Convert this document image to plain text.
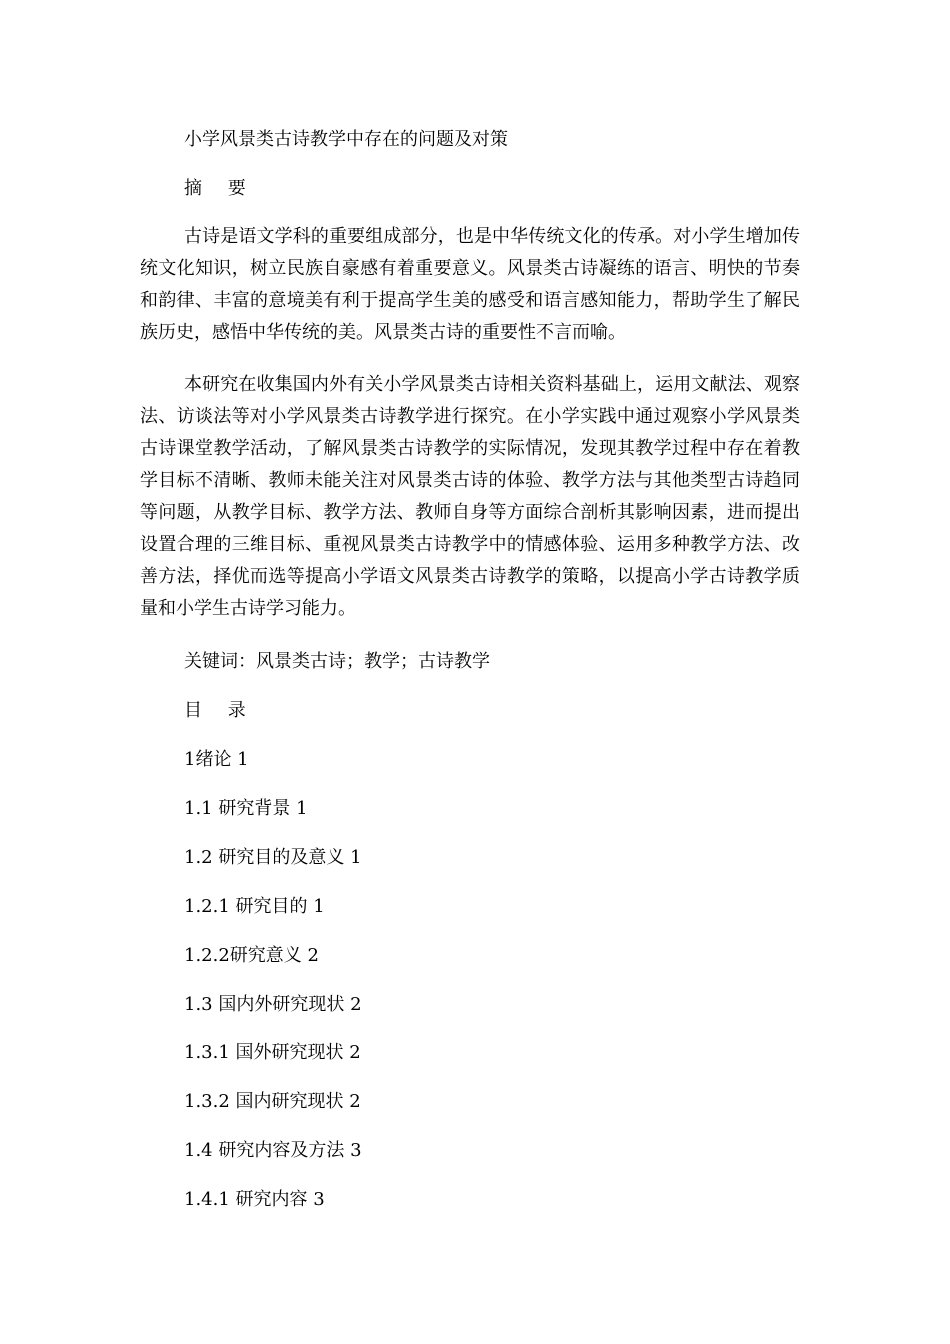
小学风景类古诗教学中存在的问题及对策
摘 要
古诗是语文学科的重要组成部分，也是中华传统文化的传承。对小学生增加传统文化知识，树立民族自豪感有着重要意义。风景类古诗凝练的语言、明快的节奏和韵律、丰富的意境美有利于提高学生美的感受和语言感知能力，帮助学生了解民族历史，感悟中华传统的美。风景类古诗的重要性不言而喻。
本研究在收集国内外有关小学风景类古诗相关资料基础上，运用文献法、观察法、访谈法等对小学风景类古诗教学进行探究。在小学实践中通过观察小学风景类古诗课堂教学活动，了解风景类古诗教学的实际情况，发现其教学过程中存在着教学目标不清晰、教师未能关注对风景类古诗的体验、教学方法与其他类型古诗趋同等问题，从教学目标、教学方法、教师自身等方面综合剖析其影响因素，进而提出设置合理的三维目标、重视风景类古诗教学中的情感体验、运用多种教学方法、改善方法，择优而选等提高小学语文风景类古诗教学的策略，以提高小学古诗教学质量和小学生古诗学习能力。
关键词：风景类古诗；教学；古诗教学
目 录
1绪论 1
1.1 研究背景 1
1.2 研究目的及意义 1
1.2.1 研究目的 1
1.2.2研究意义 2
1.3 国内外研究现状 2
1.3.1 国外研究现状 2
1.3.2 国内研究现状 2
1.4 研究内容及方法 3
1.4.1 研究内容 3
